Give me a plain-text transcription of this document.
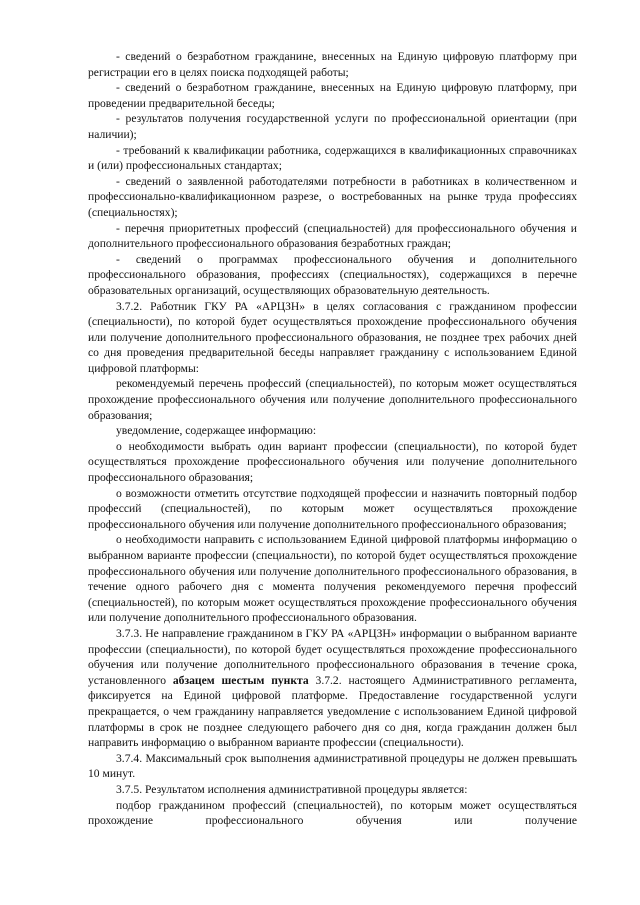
- сведений о безработном гражданине, внесенных на Единую цифровую платформу при регистрации его в целях поиска подходящей работы;

- сведений о безработном гражданине, внесенных на Единую цифровую платформу, при проведении предварительной беседы;

- результатов получения государственной услуги по профессиональной ориентации (при наличии);

- требований к квалификации работника, содержащихся в квалификационных справочниках и (или) профессиональных стандартах;

- сведений о заявленной работодателями потребности в работниках в количественном и профессионально-квалификационном разрезе, о востребованных на рынке труда профессиях (специальностях);

- перечня приоритетных профессий (специальностей) для профессионального обучения и дополнительного профессионального образования безработных граждан;

- сведений о программах профессионального обучения и дополнительного профессионального образования, профессиях (специальностях), содержащихся в перечне образовательных организаций, осуществляющих образовательную деятельность.

3.7.2. Работник ГКУ РА «АРЦЗН» в целях согласования с гражданином профессии (специальности), по которой будет осуществляться прохождение профессионального обучения или получение дополнительного профессионального образования, не позднее трех рабочих дней со дня проведения предварительной беседы направляет гражданину с использованием Единой цифровой платформы:

рекомендуемый перечень профессий (специальностей), по которым может осуществляться прохождение профессионального обучения или получение дополнительного профессионального образования;

уведомление, содержащее информацию:

о необходимости выбрать один вариант профессии (специальности), по которой будет осуществляться прохождение профессионального обучения или получение дополнительного профессионального образования;

о возможности отметить отсутствие подходящей профессии и назначить повторный подбор профессий (специальностей), по которым может осуществляться прохождение профессионального обучения или получение дополнительного профессионального образования;

о необходимости направить с использованием Единой цифровой платформы информацию о выбранном варианте профессии (специальности), по которой будет осуществляться прохождение профессионального обучения или получение дополнительного профессионального образования, в течение одного рабочего дня с момента получения рекомендуемого перечня профессий (специальностей), по которым может осуществляться прохождение профессионального обучения или получение дополнительного профессионального образования.

3.7.3. Не направление гражданином в ГКУ РА «АРЦЗН» информации о выбранном варианте профессии (специальности), по которой будет осуществляться прохождение профессионального обучения или получение дополнительного профессионального образования в течение срока, установленного абзацем шестым пункта 3.7.2. настоящего Административного регламента, фиксируется на Единой цифровой платформе. Предоставление государственной услуги прекращается, о чем гражданину направляется уведомление с использованием Единой цифровой платформы в срок не позднее следующего рабочего дня со дня, когда гражданин должен был направить информацию о выбранном варианте профессии (специальности).

3.7.4. Максимальный срок выполнения административной процедуры не должен превышать 10 минут.

3.7.5. Результатом исполнения административной процедуры является:

подбор гражданином профессий (специальностей), по которым может осуществляться прохождение профессионального обучения или получение
